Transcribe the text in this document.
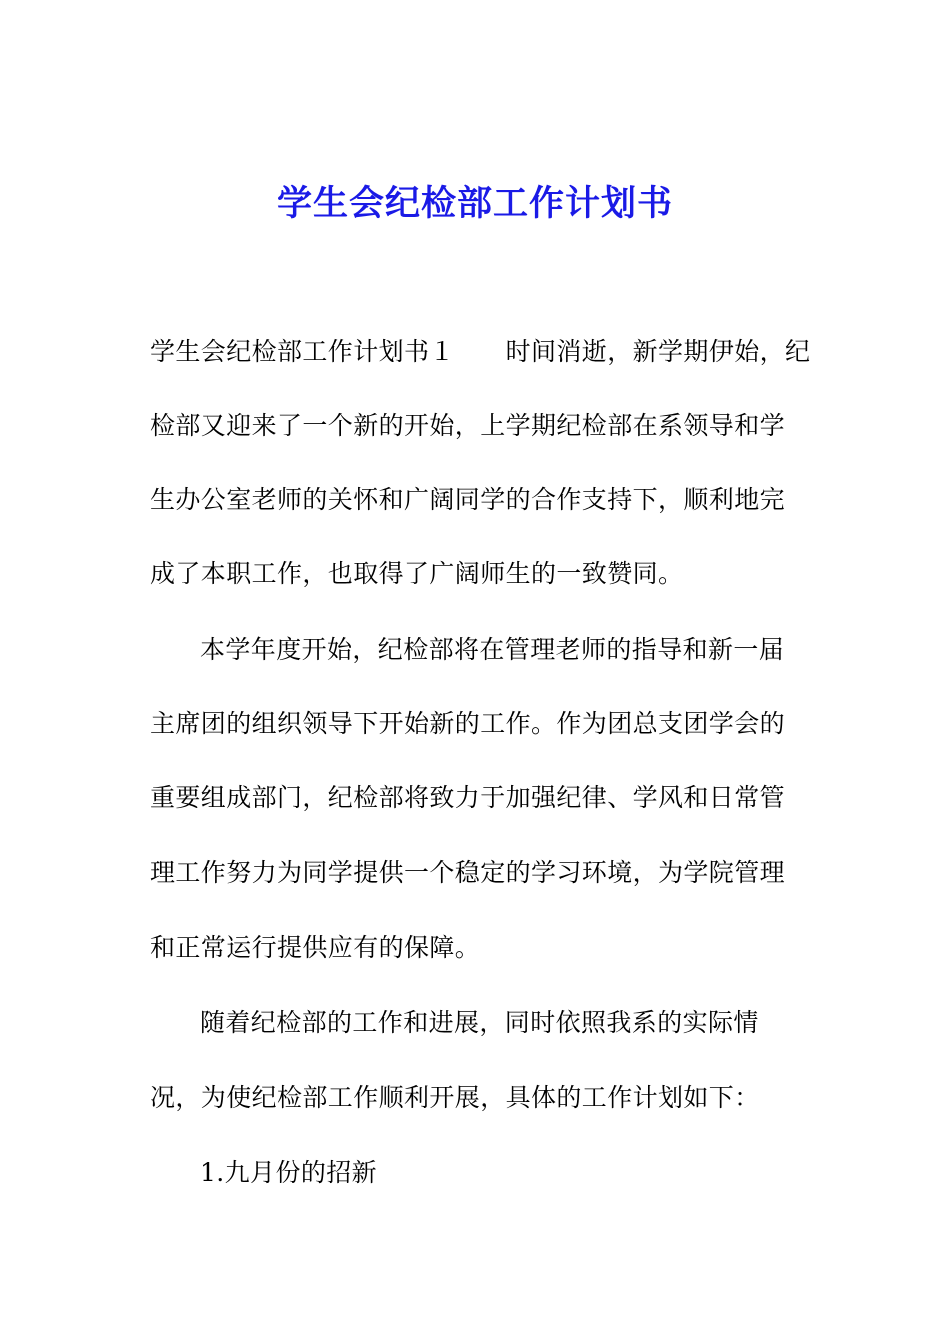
学生会纪检部工作计划书
学生会纪检部工作计划书１　　时间消逝，新学期伊始，纪
检部又迎来了一个新的开始，上学期纪检部在系领导和学
生办公室老师的关怀和广阔同学的合作支持下，顺利地完
成了本职工作，也取得了广阔师生的一致赞同。
本学年度开始，纪检部将在管理老师的指导和新一届
主席团的组织领导下开始新的工作。作为团总支团学会的
重要组成部门，纪检部将致力于加强纪律、学风和日常管
理工作努力为同学提供一个稳定的学习环境，为学院管理
和正常运行提供应有的保障。
随着纪检部的工作和进展，同时依照我系的实际情
况，为使纪检部工作顺利开展，具体的工作计划如下：
1.九月份的招新
